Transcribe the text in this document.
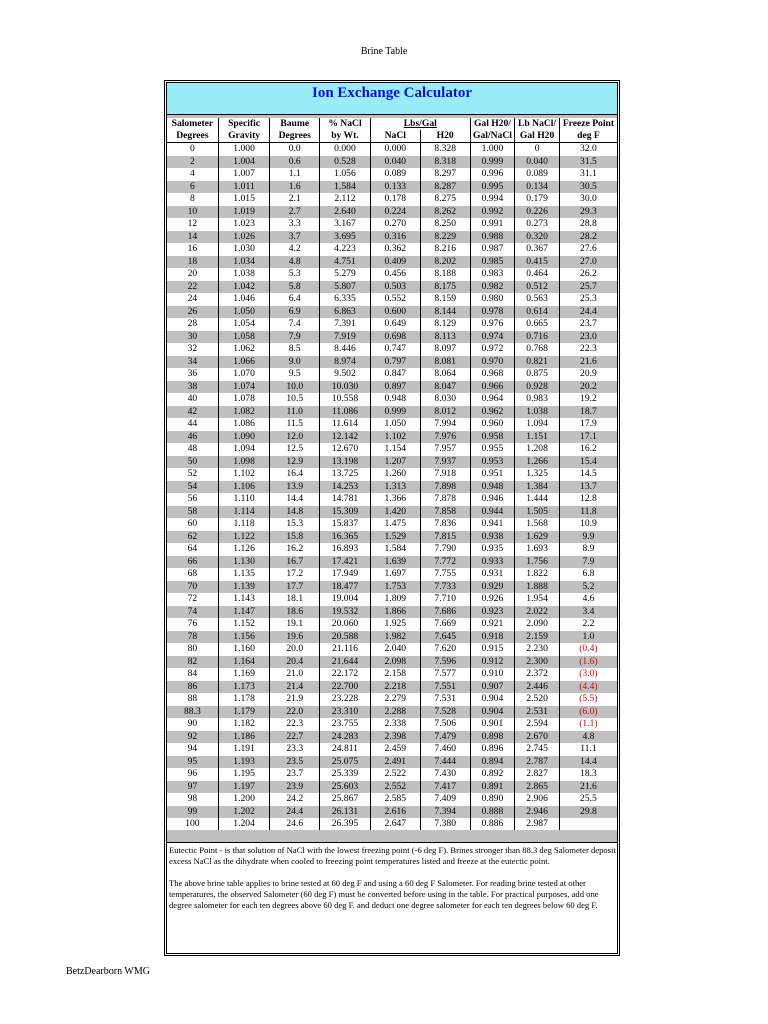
Brine Table
Ion Exchange Calculator
Salometer	Specific	Baume	% NaCl	Lbs/Gal		Gal H20/	Lb NaCl/	Freeze Point
Degrees	Gravity	Degrees	by Wt.	NaCl	H20	Gal/NaCl	Gal H20	deg F
0	1.000	0.0	0.000	0.000	8.328	1.000	0	32.0
2	1.004	0.6	0.528	0.040	8.318	0.999	0.040	31.5
4	1.007	1.1	1.056	0.089	8.297	0.996	0.089	31.1
6	1.011	1.6	1.584	0.133	8.287	0.995	0.134	30.5
8	1.015	2.1	2.112	0.178	8.275	0.994	0.179	30.0
10	1.019	2.7	2.640	0.224	8.262	0.992	0.226	29.3
12	1.023	3.3	3.167	0.270	8.250	0.991	0.273	28.8
14	1.026	3.7	3.695	0.316	8.229	0.988	0.320	28.2
16	1.030	4.2	4.223	0.362	8.216	0.987	0.367	27.6
18	1.034	4.8	4.751	0.409	8.202	0.985	0.415	27.0
20	1.038	5.3	5.279	0.456	8.188	0.983	0.464	26.2
22	1.042	5.8	5.807	0.503	8.175	0.982	0.512	25.7
24	1.046	6.4	6.335	0.552	8.159	0.980	0.563	25.3
26	1.050	6.9	6.863	0.600	8.144	0.978	0.614	24.4
28	1.054	7.4	7.391	0.649	8.129	0.976	0.665	23.7
30	1.058	7.9	7.919	0.698	8.113	0.974	0.716	23.0
32	1.062	8.5	8.446	0.747	8.097	0.972	0.768	22.3
34	1.066	9.0	8.974	0.797	8.081	0.970	0.821	21.6
36	1.070	9.5	9.502	0.847	8.064	0.968	0.875	20.9
38	1.074	10.0	10.030	0.897	8.047	0.966	0.928	20.2
40	1.078	10.5	10.558	0.948	8.030	0.964	0.983	19.2
42	1.082	11.0	11.086	0.999	8.012	0.962	1.038	18.7
44	1.086	11.5	11.614	1.050	7.994	0.960	1.094	17.9
46	1.090	12.0	12.142	1.102	7.976	0.958	1.151	17.1
48	1.094	12.5	12.670	1.154	7.957	0.955	1.208	16.2
50	1.098	12.9	13.198	1.207	7.937	0.953	1.266	15.4
52	1.102	16.4	13.725	1.260	7.918	0.951	1.325	14.5
54	1.106	13.9	14.253	1.313	7.898	0.948	1.384	13.7
56	1.110	14.4	14.781	1.366	7.878	0.946	1.444	12.8
58	1.114	14.8	15.309	1.420	7.858	0.944	1.505	11.8
60	1.118	15.3	15.837	1.475	7.836	0.941	1.568	10.9
62	1.122	15.8	16.365	1.529	7.815	0.938	1.629	9.9
64	1.126	16.2	16.893	1.584	7.790	0.935	1.693	8.9
66	1.130	16.7	17.421	1.639	7.772	0.933	1.756	7.9
68	1.135	17.2	17.949	1.697	7.755	0.931	1.822	6.8
70	1.139	17.7	18.477	1.753	7.733	0.929	1.888	5.2
72	1.143	18.1	19.004	1.809	7.710	0.926	1.954	4.6
74	1.147	18.6	19.532	1.866	7.686	0.923	2.022	3.4
76	1.152	19.1	20.060	1.925	7.669	0.921	2.090	2.2
78	1.156	19.6	20.588	1.982	7.645	0.918	2.159	1.0
80	1.160	20.0	21.116	2.040	7.620	0.915	2.230	(0.4)
82	1.164	20.4	21.644	2.098	7.596	0.912	2.300	(1.6)
84	1.169	21.0	22.172	2.158	7.577	0.910	2.372	(3.0)
86	1.173	21.4	22.700	2.218	7.551	0.907	2.446	(4.4)
88	1.178	21.9	23.228	2.279	7.531	0.904	2.520	(5.5)
88.3	1.179	22.0	23.310	2.288	7.528	0.904	2.531	(6.0)
90	1.182	22.3	23.755	2.338	7.506	0.901	2.594	(1.1)
92	1.186	22.7	24.283	2.398	7.479	0.898	2.670	4.8
94	1.191	23.3	24.811	2.459	7.460	0.896	2.745	11.1
95	1.193	23.5	25.075	2.491	7.444	0.894	2.787	14.4
96	1.195	23.7	25.339	2.522	7.430	0.892	2.827	18.3
97	1.197	23.9	25.603	2.552	7.417	0.891	2.865	21.6
98	1.200	24.2	25.867	2.585	7.409	0.890	2.906	25.5
99	1.202	24.4	26.131	2.616	7.394	0.888	2.946	29.8
100	1.204	24.6	26.395	2.647	7.380	0.886	2.987	

Eutectic Point - is that solution of NaCl with the lowest freezing point (-6 deg F). Brines stronger than 88.3 deg Salometer deposit excess NaCl as the dihydrate when cooled to freezing point temperatures listed and freeze at the eutectic point.

The above brine table applies to brine tested at 60 deg F and using a 60 deg F Salometer. For reading brine tested at other temperatures, the observed Salometer (60 deg F) must be converted before using in the table. For practical purposes, add one degree salometer for each ten degrees above 60 deg F. and deduct one degree salometer for each ten degrees below 60 deg F.

BetzDearborn WMG
